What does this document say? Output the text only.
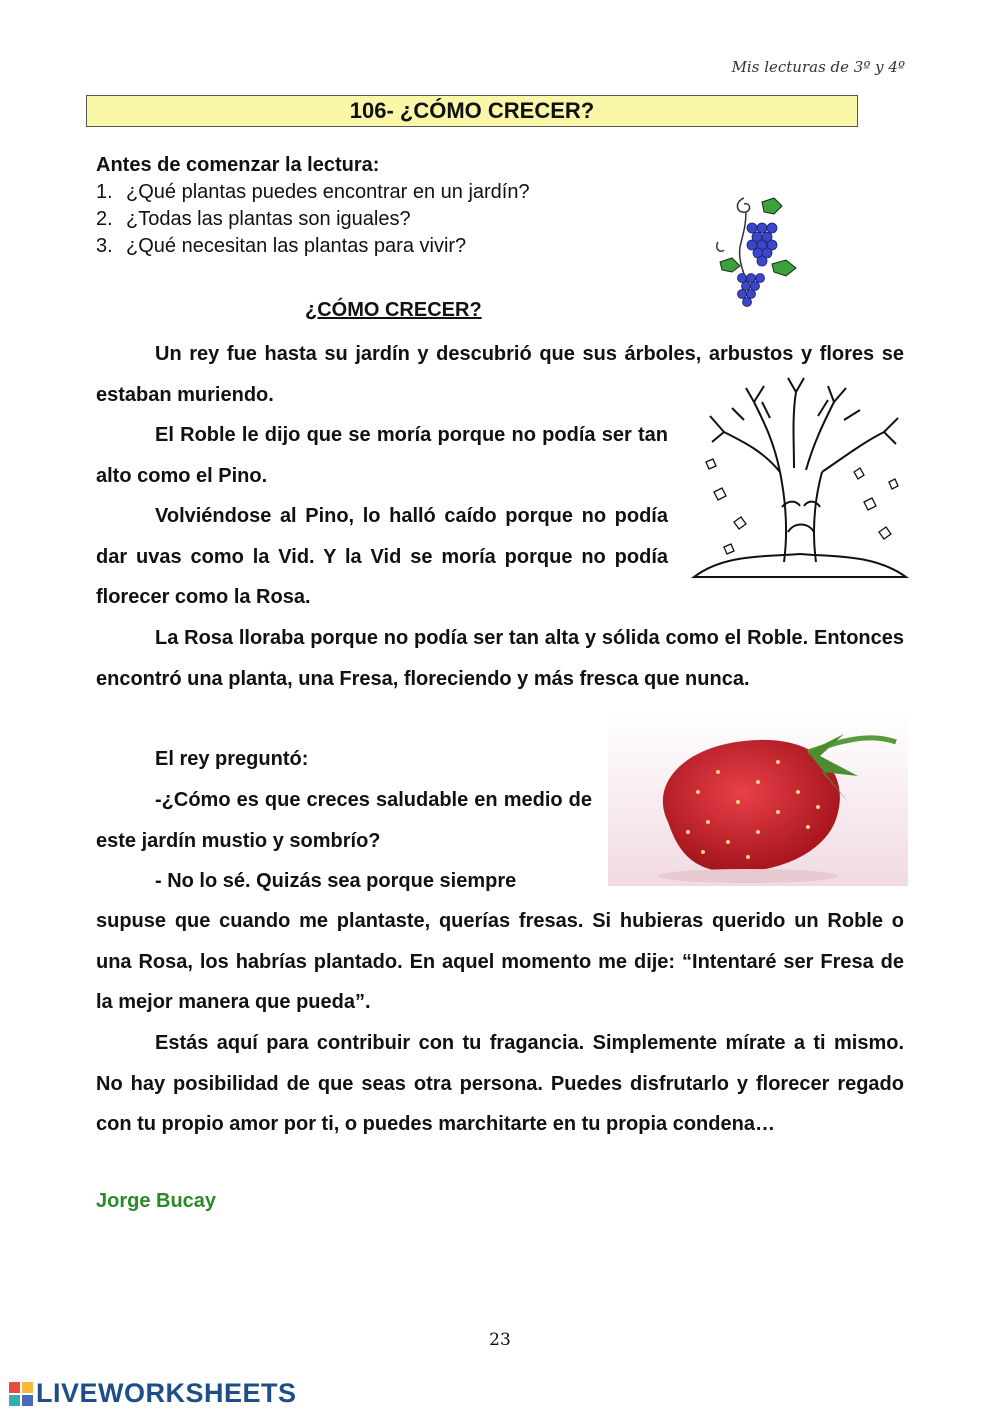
Mis lecturas de 3º y 4º
106- ¿CÓMO CRECER?
Antes de comenzar la lectura:
1. ¿Qué plantas puedes encontrar en un jardín?
2. ¿Todas las plantas son iguales?
3. ¿Qué necesitan las plantas para vivir?
¿CÓMO CRECER?

Un rey fue hasta su jardín y descubrió que sus árboles, arbustos y flores se estaban muriendo.

El Roble le dijo que se moría porque no podía ser tan alto como el Pino.

Volviéndose al Pino, lo halló caído porque no podía dar uvas como la Vid. Y la Vid se moría porque no podía florecer como la Rosa.

La Rosa lloraba porque no podía ser tan alta y sólida como el Roble. Entonces encontró una planta, una Fresa, floreciendo y más fresca que nunca.

El rey preguntó:

-¿Cómo es que creces saludable en medio de este jardín mustio y sombrío?

- No lo sé. Quizás sea porque siempre

supuse que cuando me plantaste, querías fresas. Si hubieras querido un Roble o una Rosa, los habrías plantado. En aquel momento me dije: “Intentaré ser Fresa de la mejor manera que pueda”.

Estás aquí para contribuir con tu fragancia. Simplemente mírate a ti mismo. No hay posibilidad de que seas otra persona. Puedes disfrutarlo y florecer regado con tu propio amor por ti, o puedes marchitarte en tu propia condena…

Jorge Bucay
23
LIVEWORKSHEETS
